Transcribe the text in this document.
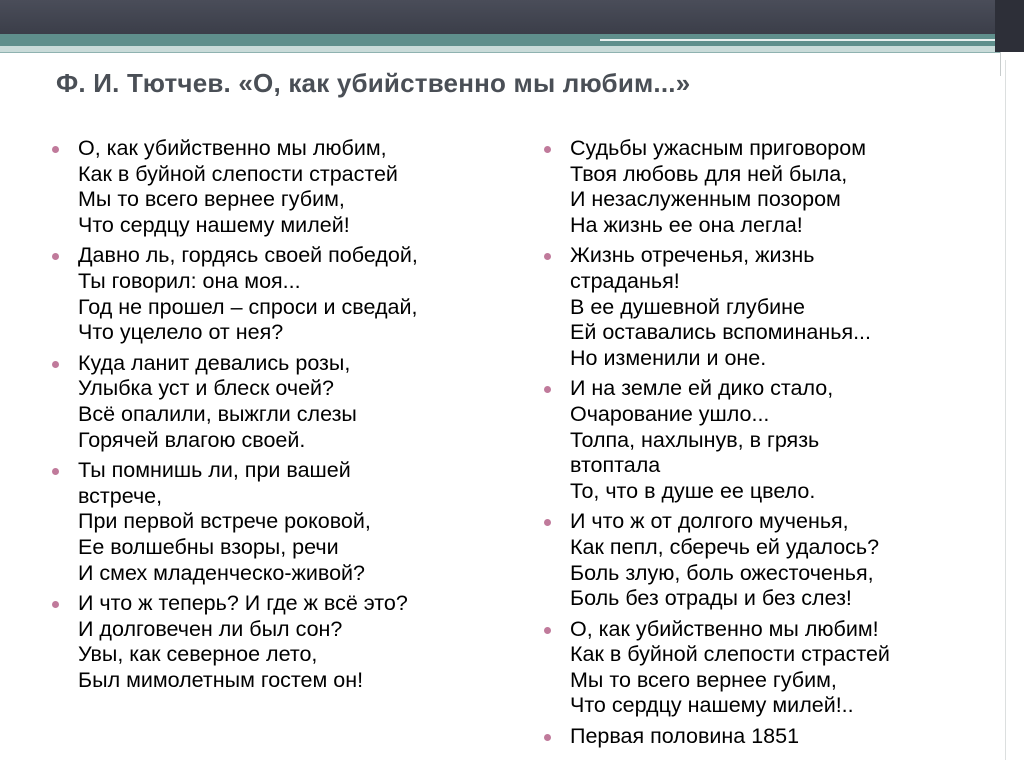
Ф. И. Тютчев. «О, как убийственно мы любим...»
О, как убийственно мы любим,
Как в буйной слепости страстей
Мы то всего вернее губим,
Что сердцу нашему милей!
Давно ль, гордясь своей победой,
Ты говорил: она моя...
Год не прошел – спроси и сведай,
Что уцелело от нея?
Куда ланит девались розы,
Улыбка уст и блеск очей?
Всё опалили, выжгли слезы
Горячей влагою своей.
Ты помнишь ли, при вашей
встрече,
При первой встрече роковой,
Ее волшебны взоры, речи
И смех младенческо-живой?
И что ж теперь? И где ж всё это?
И долговечен ли был сон?
Увы, как северное лето,
Был мимолетным гостем он!
Судьбы ужасным приговором
Твоя любовь для ней была,
И незаслуженным позором
На жизнь ее она легла!
Жизнь отреченья, жизнь
страданья!
В ее душевной глубине
Ей оставались вспоминанья...
Но изменили и оне.
И на земле ей дико стало,
Очарование ушло...
Толпа, нахлынув, в грязь
втоптала
То, что в душе ее цвело.
И что ж от долгого мученья,
Как пепл, сберечь ей удалось?
Боль злую, боль ожесточенья,
Боль без отрады и без слез!
О, как убийственно мы любим!
Как в буйной слепости страстей
Мы то всего вернее губим,
Что сердцу нашему милей!..
Первая половина 1851
